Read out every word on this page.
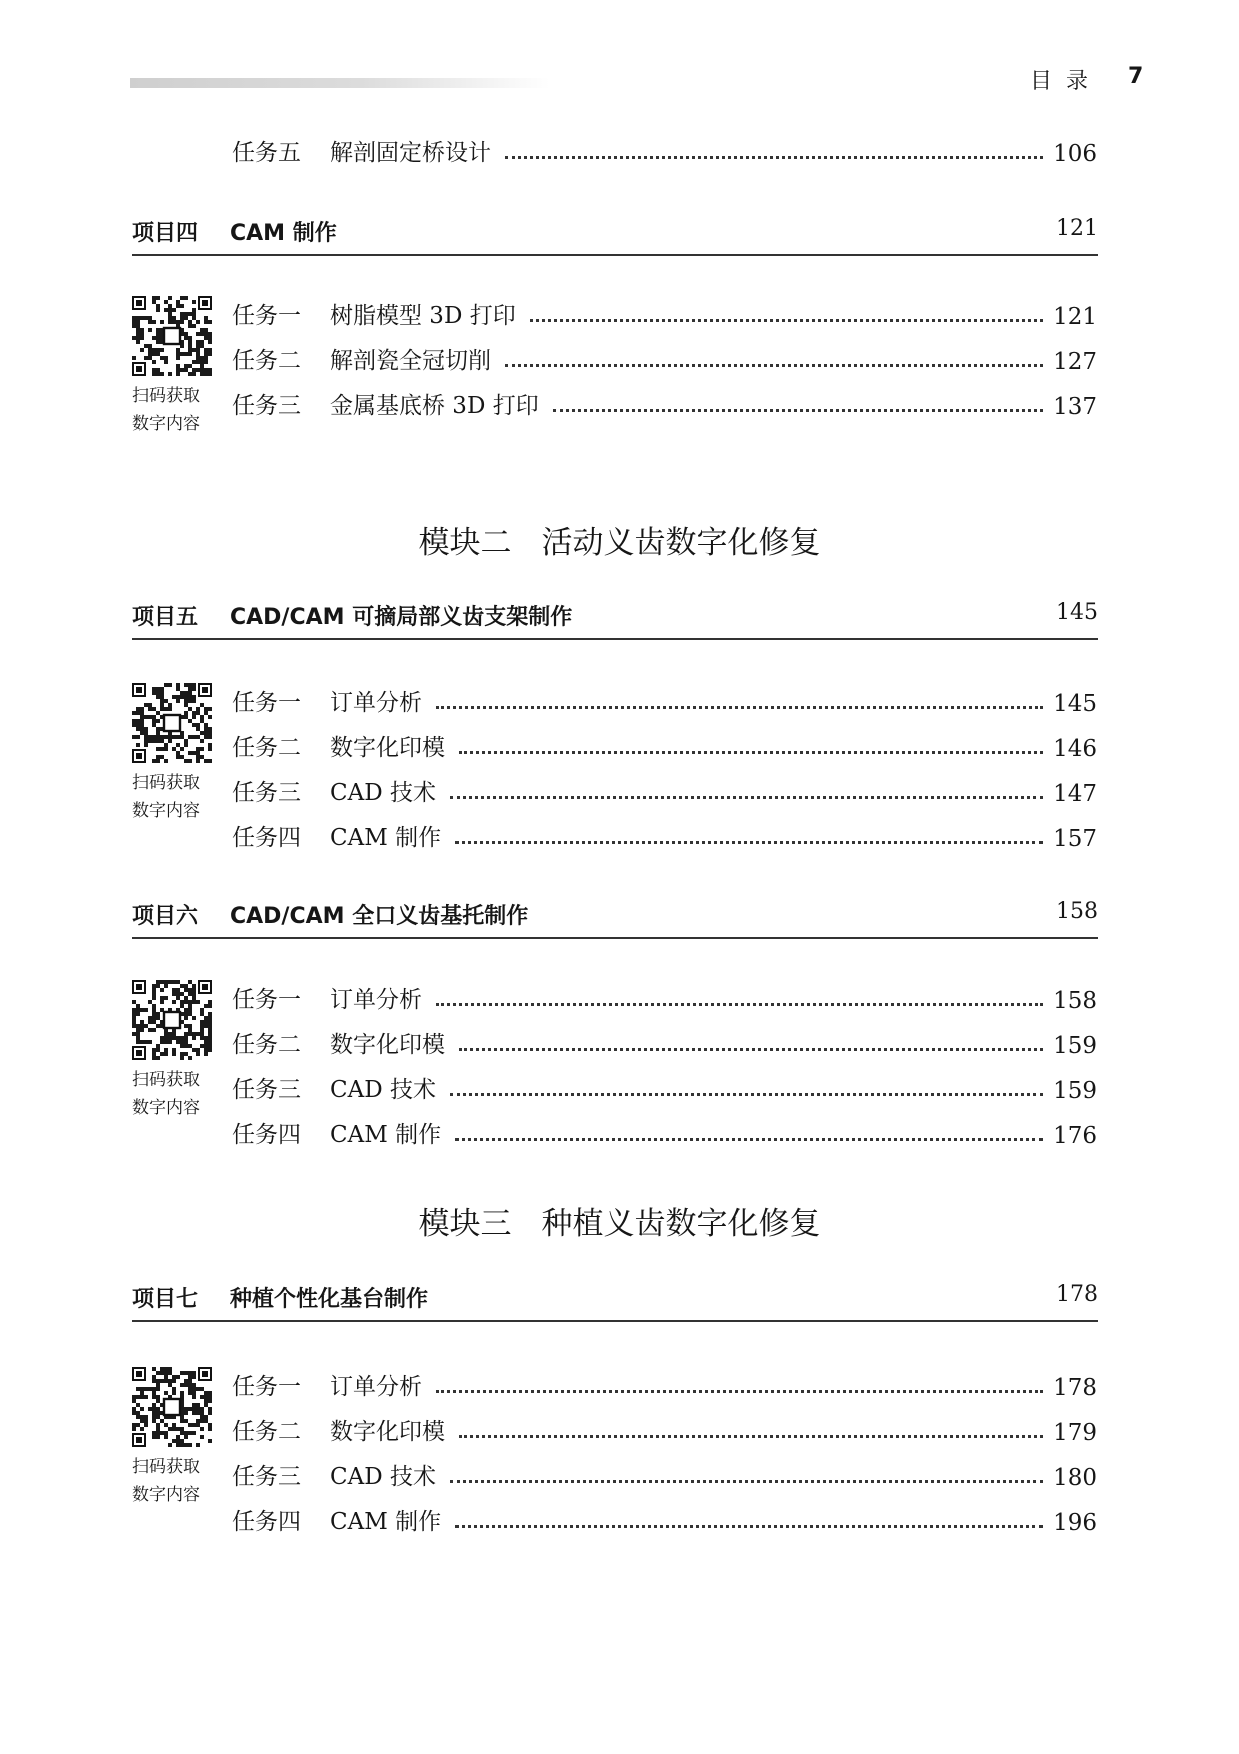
目录 7
任务五	解剖固定桥设计	106
项目四 CAM 制作	121
扫码获取
数字内容
任务一	树脂模型 3D 打印	121
任务二	解剖瓷全冠切削	127
任务三	金属基底桥 3D 打印	137
模块二 活动义齿数字化修复
项目五 CAD/CAM 可摘局部义齿支架制作	145
扫码获取
数字内容
任务一	订单分析	145
任务二	数字化印模	146
任务三	CAD 技术	147
任务四	CAM 制作	157
项目六 CAD/CAM 全口义齿基托制作	158
扫码获取
数字内容
任务一	订单分析	158
任务二	数字化印模	159
任务三	CAD 技术	159
任务四	CAM 制作	176
模块三 种植义齿数字化修复
项目七 种植个性化基台制作	178
扫码获取
数字内容
任务一	订单分析	178
任务二	数字化印模	179
任务三	CAD 技术	180
任务四	CAM 制作	196
